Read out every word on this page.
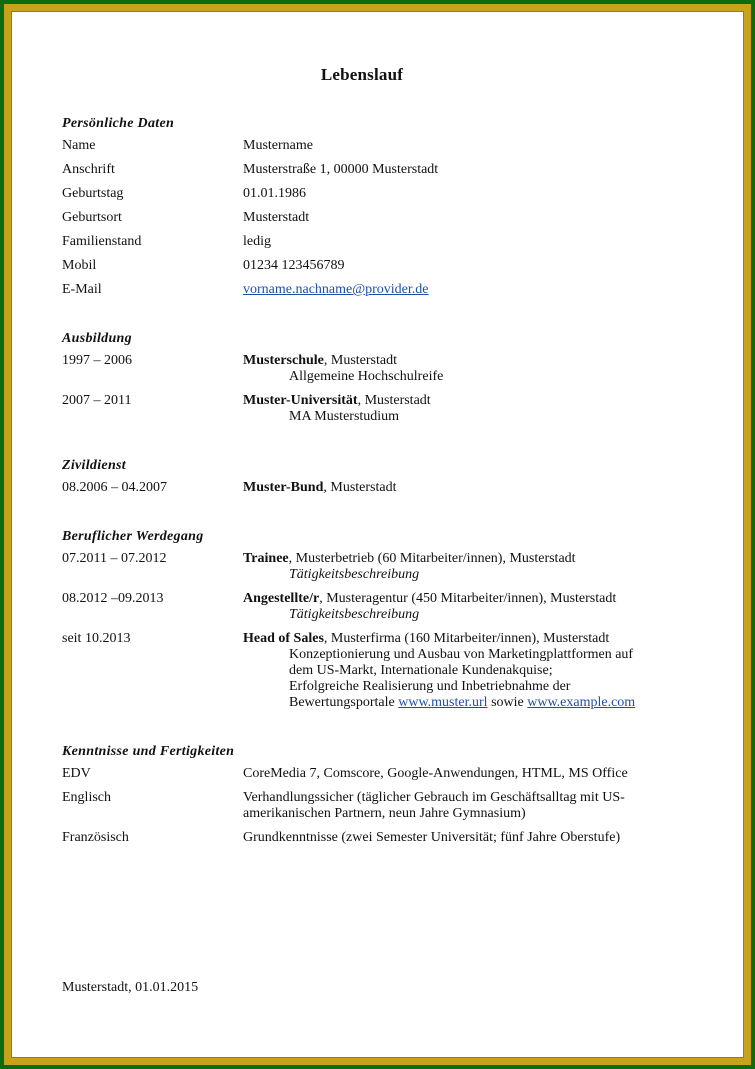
Lebenslauf
Persönliche Daten
Name	Mustername
Anschrift	Musterstraße 1, 00000 Musterstadt
Geburtstag	01.01.1986
Geburtsort	Musterstadt
Familienstand	ledig
Mobil	01234 123456789
E-Mail	vorname.nachname@provider.de
Ausbildung
1997 – 2006	Musterschule, Musterstadt
Allgemeine Hochschulreife
2007 – 2011	Muster-Universität, Musterstadt
MA Musterstudium
Zivildienst
08.2006 – 04.2007	Muster-Bund, Musterstadt
Beruflicher Werdegang
07.2011 – 07.2012	Trainee, Musterbetrieb (60 Mitarbeiter/innen), Musterstadt
Tätigkeitsbeschreibung
08.2012 –09.2013	Angestellte/r, Musteragentur (450 Mitarbeiter/innen), Musterstadt
Tätigkeitsbeschreibung
seit 10.2013	Head of Sales, Musterfirma (160 Mitarbeiter/innen), Musterstadt
Konzeptionierung und Ausbau von Marketingplattformen auf
dem US-Markt, Internationale Kundenakquise;
Erfolgreiche Realisierung und Inbetriebnahme der
Bewertungsportale www.muster.url sowie www.example.com
Kenntnisse und Fertigkeiten
EDV	CoreMedia 7, Comscore, Google-Anwendungen, HTML, MS Office
Englisch	Verhandlungssicher (täglicher Gebrauch im Geschäftsalltag mit US-amerikanischen Partnern, neun Jahre Gymnasium)
Französisch	Grundkenntnisse (zwei Semester Universität; fünf Jahre Oberstufe)
Musterstadt, 01.01.2015
